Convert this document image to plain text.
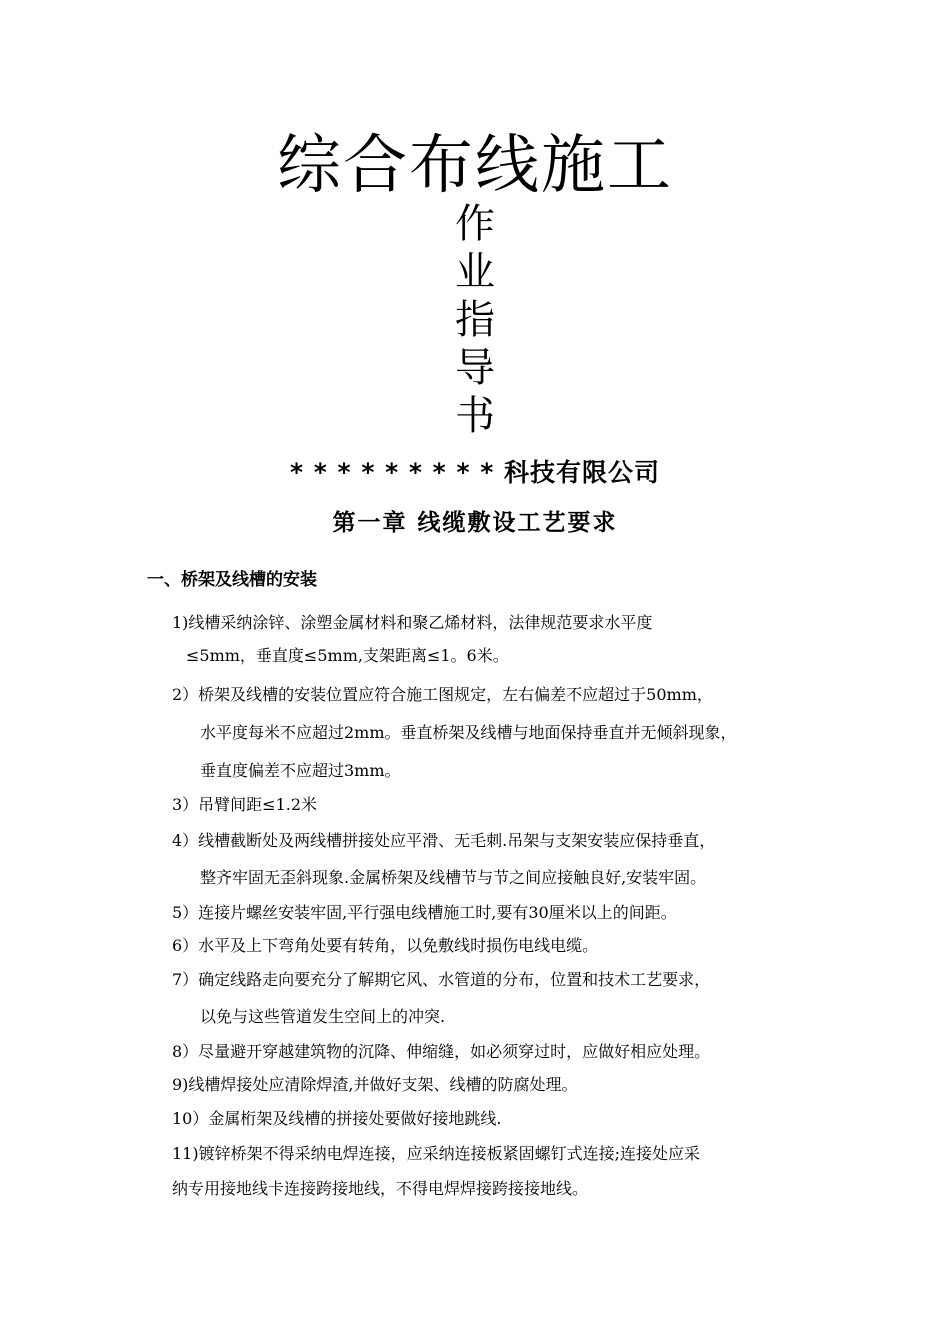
综合布线施工
作
业
指
导
书
* * * * * * * * * 科技有限公司
第一章 线缆敷设工艺要求
一、桥架及线槽的安装
1)线槽采纳涂锌、涂塑金属材料和聚乙烯材料，法律规范要求水平度
≤5mm，垂直度≤5mm,支架距离≤1。6米。
2）桥架及线槽的安装位置应符合施工图规定，左右偏差不应超过于50mm，
水平度每米不应超过2mm。垂直桥架及线槽与地面保持垂直并无倾斜现象，
垂直度偏差不应超过3mm。
3）吊臂间距≤1.2米
4）线槽截断处及两线槽拼接处应平滑、无毛刺.吊架与支架安装应保持垂直，
整齐牢固无歪斜现象.金属桥架及线槽节与节之间应接触良好,安装牢固。
5）连接片螺丝安装牢固,平行强电线槽施工时,要有30厘米以上的间距。
6）水平及上下弯角处要有转角，以免敷线时损伤电线电缆。
7）确定线路走向要充分了解期它风、水管道的分布，位置和技术工艺要求，
以免与这些管道发生空间上的冲突.
8）尽量避开穿越建筑物的沉降、伸缩缝，如必须穿过时，应做好相应处理。
9)线槽焊接处应清除焊渣,并做好支架、线槽的防腐处理。
10）金属桁架及线槽的拼接处要做好接地跳线.
11)镀锌桥架不得采纳电焊连接，应采纳连接板紧固螺钉式连接;连接处应采
纳专用接地线卡连接跨接地线，不得电焊焊接跨接接地线。
